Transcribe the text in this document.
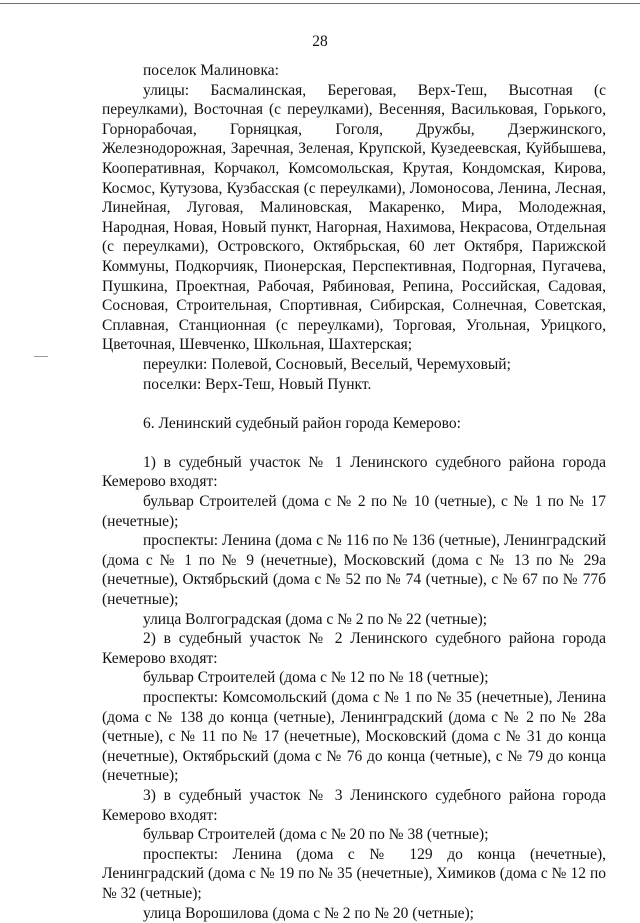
28

поселок Малиновка:

улицы: Басмалинская, Береговая, Верх-Теш, Высотная (с переулками), Восточная (с переулками), Весенняя, Васильковая, Горького, Горнорабочая, Горняцкая, Гоголя, Дружбы, Дзержинского, Железнодорожная, Заречная, Зеленая, Крупской, Кузедеевская, Куйбышева, Кооперативная, Корчакол, Комсомольская, Крутая, Кондомская, Кирова, Космос, Кутузова, Кузбасская (с переулками), Ломоносова, Ленина, Лесная, Линейная, Луговая, Малиновская, Макаренко, Мира, Молодежная, Народная, Новая, Новый пункт, Нагорная, Нахимова, Некрасова, Отдельная (с переулками), Островского, Октябрьская, 60 лет Октября, Парижской Коммуны, Подкорчияк, Пионерская, Перспективная, Подгорная, Пугачева, Пушкина, Проектная, Рабочая, Рябиновая, Репина, Российская, Садовая, Сосновая, Строительная, Спортивная, Сибирская, Солнечная, Советская, Сплавная, Станционная (с переулками), Торговая, Угольная, Урицкого, Цветочная, Шевченко, Школьная, Шахтерская;

переулки: Полевой, Сосновый, Веселый, Черемуховый;

поселки: Верх-Теш, Новый Пункт.

6. Ленинский судебный район города Кемерово:

1) в судебный участок № 1 Ленинского судебного района города Кемерово входят:

бульвар Строителей (дома с № 2 по № 10 (четные), с № 1 по № 17 (нечетные);

проспекты: Ленина (дома с № 116 по № 136 (четные), Ленинградский (дома с № 1 по № 9 (нечетные), Московский (дома с № 13 по № 29а (нечетные), Октябрьский (дома с № 52 по № 74 (четные), с № 67 по № 77б (нечетные);

улица Волгоградская (дома с № 2 по № 22 (четные);

2) в судебный участок № 2 Ленинского судебного района города Кемерово входят:

бульвар Строителей (дома с № 12 по № 18 (четные);

проспекты: Комсомольский (дома с № 1 по № 35 (нечетные), Ленина (дома с № 138 до конца (четные), Ленинградский (дома с № 2 по № 28а (четные), с № 11 по № 17 (нечетные), Московский (дома с № 31 до конца (нечетные), Октябрьский (дома с № 76 до конца (четные), с № 79 до конца (нечетные);

3) в судебный участок № 3 Ленинского судебного района города Кемерово входят:

бульвар Строителей (дома с № 20 по № 38 (четные);

проспекты: Ленина (дома с № 129 до конца (нечетные), Ленинградский (дома с № 19 по № 35 (нечетные), Химиков (дома с № 12 по № 32 (четные);

улица Ворошилова (дома с № 2 по № 20 (четные);
